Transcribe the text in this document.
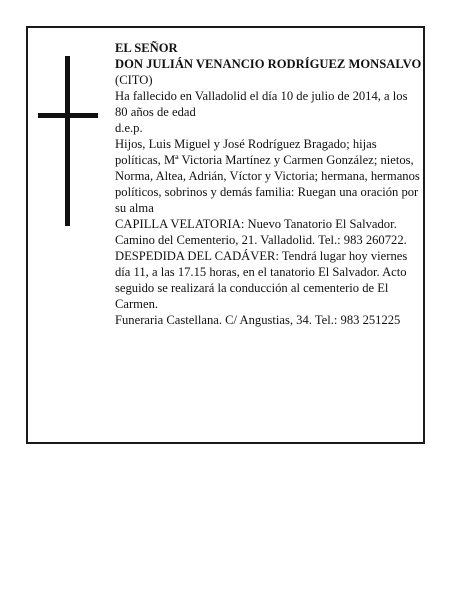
EL SEÑOR

DON JULIÁN VENANCIO RODRÍGUEZ MONSALVO

(CITO)

Ha fallecido en Valladolid el día 10 de julio de 2014, a los 80 años de edad

d.e.p.

Hijos, Luis Miguel y José Rodríguez Bragado; hijas políticas, Mª Victoria Martínez y Carmen González; nietos, Norma, Altea, Adrián, Víctor y Victoria; hermana, hermanos políticos, sobrinos y demás familia: Ruegan una oración por su alma

CAPILLA VELATORIA: Nuevo Tanatorio El Salvador. Camino del Cementerio, 21. Valladolid. Tel.: 983 260722.

DESPEDIDA DEL CADÁVER: Tendrá lugar hoy viernes día 11, a las 17.15 horas, en el tanatorio El Salvador. Acto seguido se realizará la conducción al cementerio de El Carmen.

Funeraria Castellana. C/ Angustias, 34. Tel.: 983 251225
